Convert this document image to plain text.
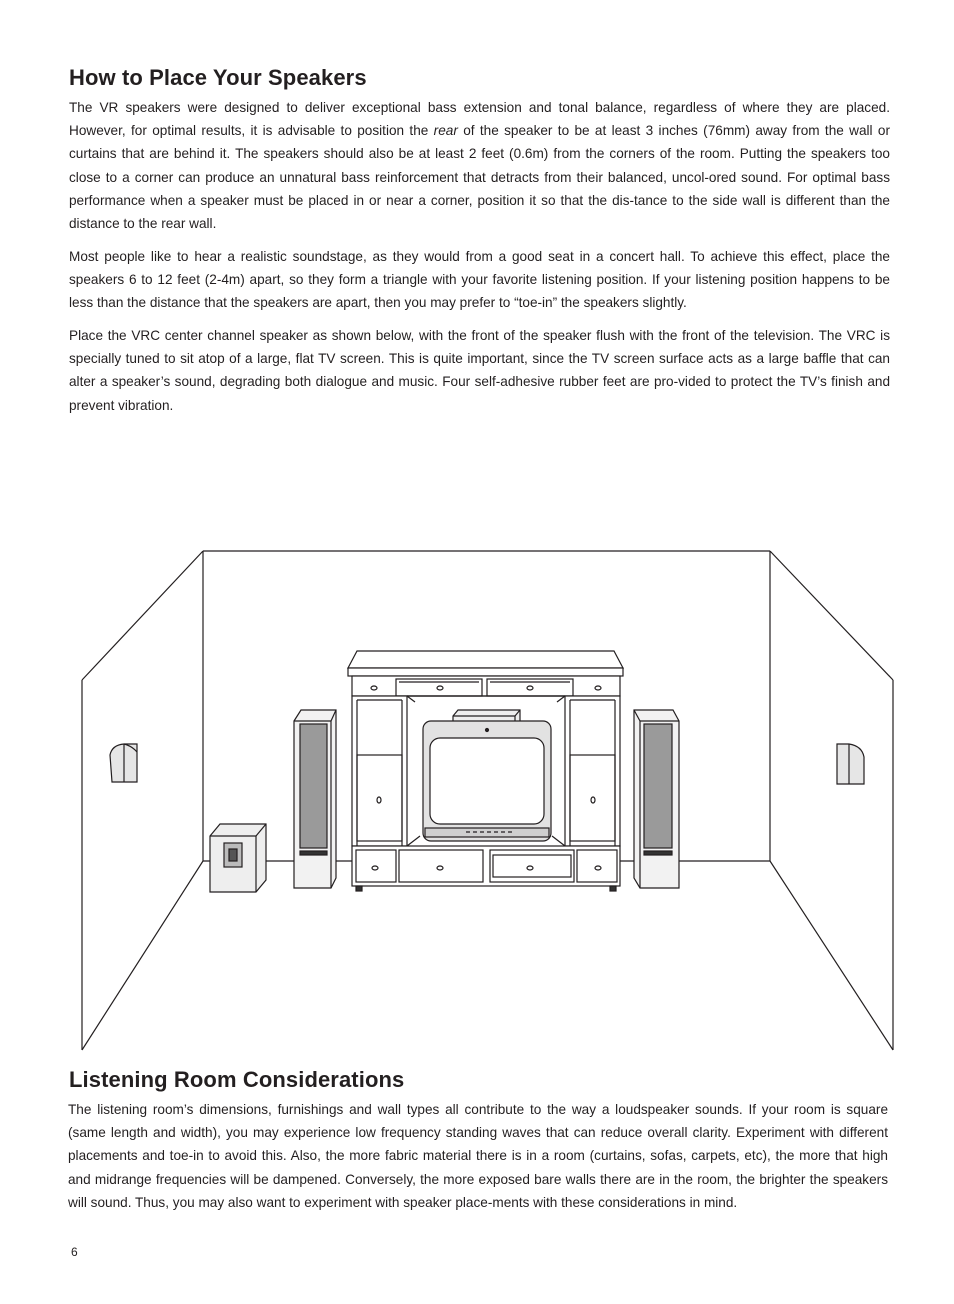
How to Place Your Speakers

The VR speakers were designed to deliver exceptional bass extension and tonal balance, regardless of where they are placed. However, for optimal results, it is advisable to position the rear of the speaker to be at least 3 inches (76mm) away from the wall or curtains that are behind it. The speakers should also be at least 2 feet (0.6m) from the corners of the room. Putting the speakers too close to a corner can produce an unnatural bass reinforcement that detracts from their balanced, uncol-ored sound. For optimal bass performance when a speaker must be placed in or near a corner, position it so that the dis-tance to the side wall is different than the distance to the rear wall.

Most people like to hear a realistic soundstage, as they would from a good seat in a concert hall. To achieve this effect, place the speakers 6 to 12 feet (2-4m) apart, so they form a triangle with your favorite listening position. If your listening position happens to be less than the distance that the speakers are apart, then you may prefer to “toe-in” the speakers slightly.

Place the VRC center channel speaker as shown below, with the front of the speaker flush with the front of the television. The VRC is specially tuned to sit atop of a large, flat TV screen. This is quite important, since the TV screen surface acts as a large baffle that can alter a speaker’s sound, degrading both dialogue and music. Four self-adhesive rubber feet are pro-vided to protect the TV’s finish and prevent vibration.

Listening Room Considerations

The listening room’s dimensions, furnishings and wall types all contribute to the way a loudspeaker sounds. If your room is square (same length and width), you may experience low frequency standing waves that can reduce overall clarity. Experiment with different placements and toe-in to avoid this. Also, the more fabric material there is in a room (curtains, sofas, carpets, etc), the more that high and midrange frequencies will be dampened. Conversely, the more exposed bare walls there are in the room, the brighter the speakers will sound. Thus, you may also want to experiment with speaker place-ments with these considerations in mind.

6
